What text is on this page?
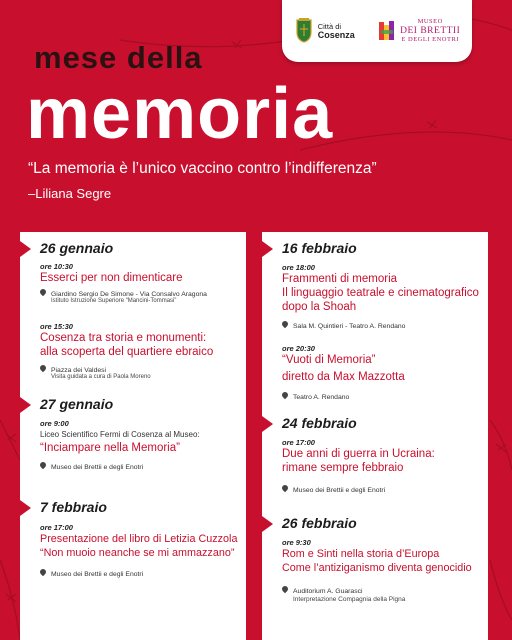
Città di
Cosenza
MUSEO
DEI BRETTII
E DEGLI ENOTRI
mese della
memoria
“La memoria è l’unico vaccino contro l’indifferenza”
–Liliana Segre
26 gennaio
ore 10:30
Esserci per non dimenticare
Giardino Sergio De Simone - Via Consalvo Aragona
Istituto Istruzione Superiore “Mancini-Tommasi”
ore 15:30
Cosenza tra storia e monumenti:
alla scoperta del quartiere ebraico
Piazza dei Valdesi
Visita guidata a cura di Paola Moreno
27 gennaio
ore 9:00
Liceo Scientifico Fermi di Cosenza al Museo:
“Inciampare nella Memoria”
Museo dei Brettii e degli Enotri
7 febbraio
ore 17:00
Presentazione del libro di Letizia Cuzzola
“Non muoio neanche se mi ammazzano”
Museo dei Brettii e degli Enotri
16 febbraio
ore 18:00
Frammenti di memoria
Il linguaggio teatrale e cinematografico
dopo la Shoah
Sala M. Quintieri - Teatro A. Rendano
ore 20:30
“Vuoti di Memoria”
diretto da Max Mazzotta
Teatro A. Rendano
24 febbraio
ore 17:00
Due anni di guerra in Ucraina:
rimane sempre febbraio
Museo dei Brettii e degli Enotri
26 febbraio
ore 9:30
Rom e Sinti nella storia d’Europa
Come l’antiziganismo diventa genocidio
Auditorium A. Guarasci
Interpretazione Compagnia della Pigna
